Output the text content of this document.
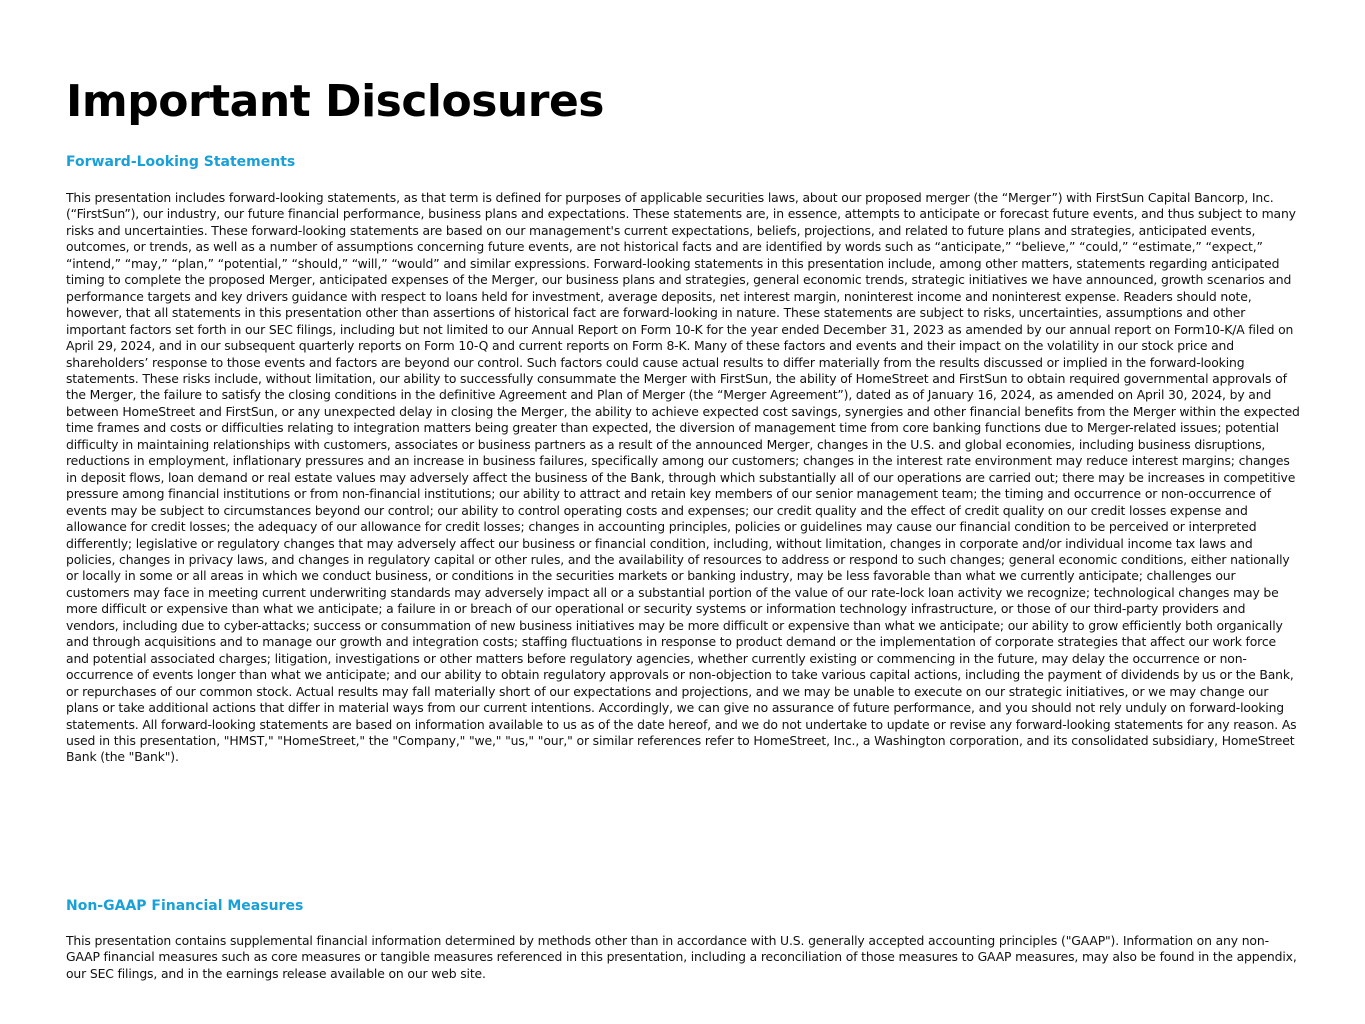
Important Disclosures
Forward-Looking Statements

This presentation includes forward-looking statements, as that term is defined for purposes of applicable securities laws, about our proposed merger (the “Merger”) with FirstSun Capital Bancorp, Inc. (“FirstSun”), our industry, our future financial performance, business plans and expectations. These statements are, in essence, attempts to anticipate or forecast future events, and thus subject to many risks and uncertainties. These forward-looking statements are based on our management's current expectations, beliefs, projections, and related to future plans and strategies, anticipated events, outcomes, or trends, as well as a number of assumptions concerning future events, are not historical facts and are identified by words such as “anticipate,” “believe,” “could,” “estimate,” “expect,” “intend,” “may,” “plan,” “potential,” “should,” “will,” “would” and similar expressions. Forward-looking statements in this presentation include, among other matters, statements regarding anticipated timing to complete the proposed Merger, anticipated expenses of the Merger, our business plans and strategies, general economic trends, strategic initiatives we have announced, growth scenarios and performance targets and key drivers guidance with respect to loans held for investment, average deposits, net interest margin, noninterest income and noninterest expense. Readers should note, however, that all statements in this presentation other than assertions of historical fact are forward-looking in nature. These statements are subject to risks, uncertainties, assumptions and other important factors set forth in our SEC filings, including but not limited to our Annual Report on Form 10-K for the year ended December 31, 2023 as amended by our annual report on Form10-K/A filed on April 29, 2024, and in our subsequent quarterly reports on Form 10-Q and current reports on Form 8-K. Many of these factors and events and their impact on the volatility in our stock price and shareholders’ response to those events and factors are beyond our control. Such factors could cause actual results to differ materially from the results discussed or implied in the forward-looking statements. These risks include, without limitation, our ability to successfully consummate the Merger with FirstSun, the ability of HomeStreet and FirstSun to obtain required governmental approvals of the Merger, the failure to satisfy the closing conditions in the definitive Agreement and Plan of Merger (the “Merger Agreement”), dated as of January 16, 2024, as amended on April 30, 2024, by and between HomeStreet and FirstSun, or any unexpected delay in closing the Merger, the ability to achieve expected cost savings, synergies and other financial benefits from the Merger within the expected time frames and costs or difficulties relating to integration matters being greater than expected, the diversion of management time from core banking functions due to Merger-related issues; potential difficulty in maintaining relationships with customers, associates or business partners as a result of the announced Merger, changes in the U.S. and global economies, including business disruptions, reductions in employment, inflationary pressures and an increase in business failures, specifically among our customers; changes in the interest rate environment may reduce interest margins; changes in deposit flows, loan demand or real estate values may adversely affect the business of the Bank, through which substantially all of our operations are carried out; there may be increases in competitive pressure among financial institutions or from non-financial institutions; our ability to attract and retain key members of our senior management team; the timing and occurrence or non-occurrence of events may be subject to circumstances beyond our control; our ability to control operating costs and expenses; our credit quality and the effect of credit quality on our credit losses expense and allowance for credit losses; the adequacy of our allowance for credit losses; changes in accounting principles, policies or guidelines may cause our financial condition to be perceived or interpreted differently; legislative or regulatory changes that may adversely affect our business or financial condition, including, without limitation, changes in corporate and/or individual income tax laws and policies, changes in privacy laws, and changes in regulatory capital or other rules, and the availability of resources to address or respond to such changes; general economic conditions, either nationally or locally in some or all areas in which we conduct business, or conditions in the securities markets or banking industry, may be less favorable than what we currently anticipate; challenges our customers may face in meeting current underwriting standards may adversely impact all or a substantial portion of the value of our rate-lock loan activity we recognize; technological changes may be more difficult or expensive than what we anticipate; a failure in or breach of our operational or security systems or information technology infrastructure, or those of our third-party providers and vendors, including due to cyber-attacks; success or consummation of new business initiatives may be more difficult or expensive than what we anticipate; our ability to grow efficiently both organically and through acquisitions and to manage our growth and integration costs; staffing fluctuations in response to product demand or the implementation of corporate strategies that affect our work force and potential associated charges; litigation, investigations or other matters before regulatory agencies, whether currently existing or commencing in the future, may delay the occurrence or non-occurrence of events longer than what we anticipate; and our ability to obtain regulatory approvals or non-objection to take various capital actions, including the payment of dividends by us or the Bank, or repurchases of our common stock. Actual results may fall materially short of our expectations and projections, and we may be unable to execute on our strategic initiatives, or we may change our plans or take additional actions that differ in material ways from our current intentions. Accordingly, we can give no assurance of future performance, and you should not rely unduly on forward-looking statements. All forward-looking statements are based on information available to us as of the date hereof, and we do not undertake to update or revise any forward-looking statements for any reason. As used in this presentation, "HMST," "HomeStreet," the "Company," "we," "us," "our," or similar references refer to HomeStreet, Inc., a Washington corporation, and its consolidated subsidiary, HomeStreet Bank (the "Bank").

Non-GAAP Financial Measures

This presentation contains supplemental financial information determined by methods other than in accordance with U.S. generally accepted accounting principles ("GAAP"). Information on any non-GAAP financial measures such as core measures or tangible measures referenced in this presentation, including a reconciliation of those measures to GAAP measures, may also be found in the appendix, our SEC filings, and in the earnings release available on our web site.
